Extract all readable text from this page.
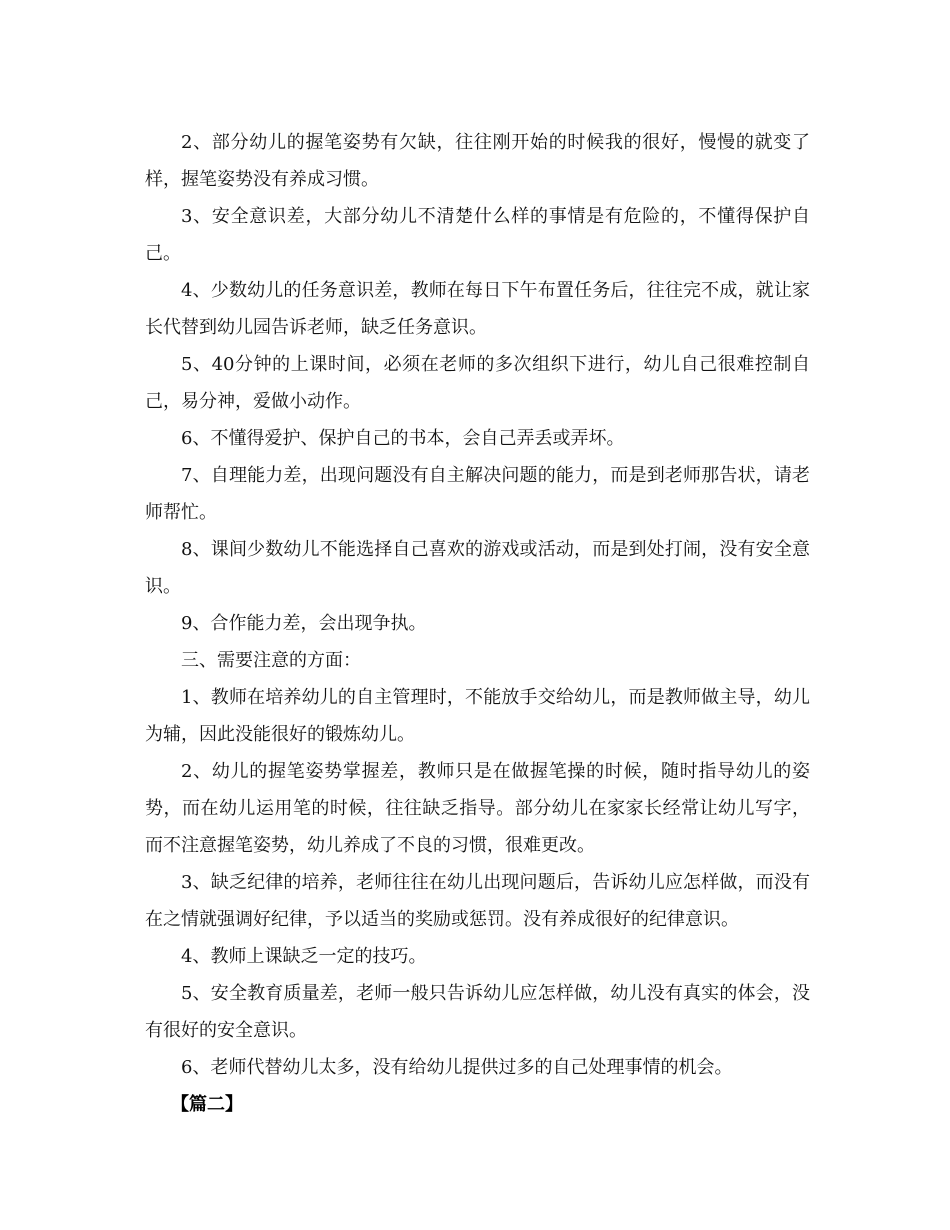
2、部分幼儿的握笔姿势有欠缺，往往刚开始的时候我的很好，慢慢的就变了样，握笔姿势没有养成习惯。

3、安全意识差，大部分幼儿不清楚什么样的事情是有危险的，不懂得保护自己。

4、少数幼儿的任务意识差，教师在每日下午布置任务后，往往完不成，就让家长代替到幼儿园告诉老师，缺乏任务意识。

5、40分钟的上课时间，必须在老师的多次组织下进行，幼儿自己很难控制自己，易分神，爱做小动作。

6、不懂得爱护、保护自己的书本，会自己弄丢或弄坏。

7、自理能力差，出现问题没有自主解决问题的能力，而是到老师那告状，请老师帮忙。

8、课间少数幼儿不能选择自己喜欢的游戏或活动，而是到处打闹，没有安全意识。

9、合作能力差，会出现争执。

三、需要注意的方面：

1、教师在培养幼儿的自主管理时，不能放手交给幼儿，而是教师做主导，幼儿为辅，因此没能很好的锻炼幼儿。

2、幼儿的握笔姿势掌握差，教师只是在做握笔操的时候，随时指导幼儿的姿势，而在幼儿运用笔的时候，往往缺乏指导。部分幼儿在家家长经常让幼儿写字，而不注意握笔姿势，幼儿养成了不良的习惯，很难更改。

3、缺乏纪律的培养，老师往往在幼儿出现问题后，告诉幼儿应怎样做，而没有在之情就强调好纪律，予以适当的奖励或惩罚。没有养成很好的纪律意识。

4、教师上课缺乏一定的技巧。

5、安全教育质量差，老师一般只告诉幼儿应怎样做，幼儿没有真实的体会，没有很好的安全意识。

6、老师代替幼儿太多，没有给幼儿提供过多的自己处理事情的机会。

【篇二】
